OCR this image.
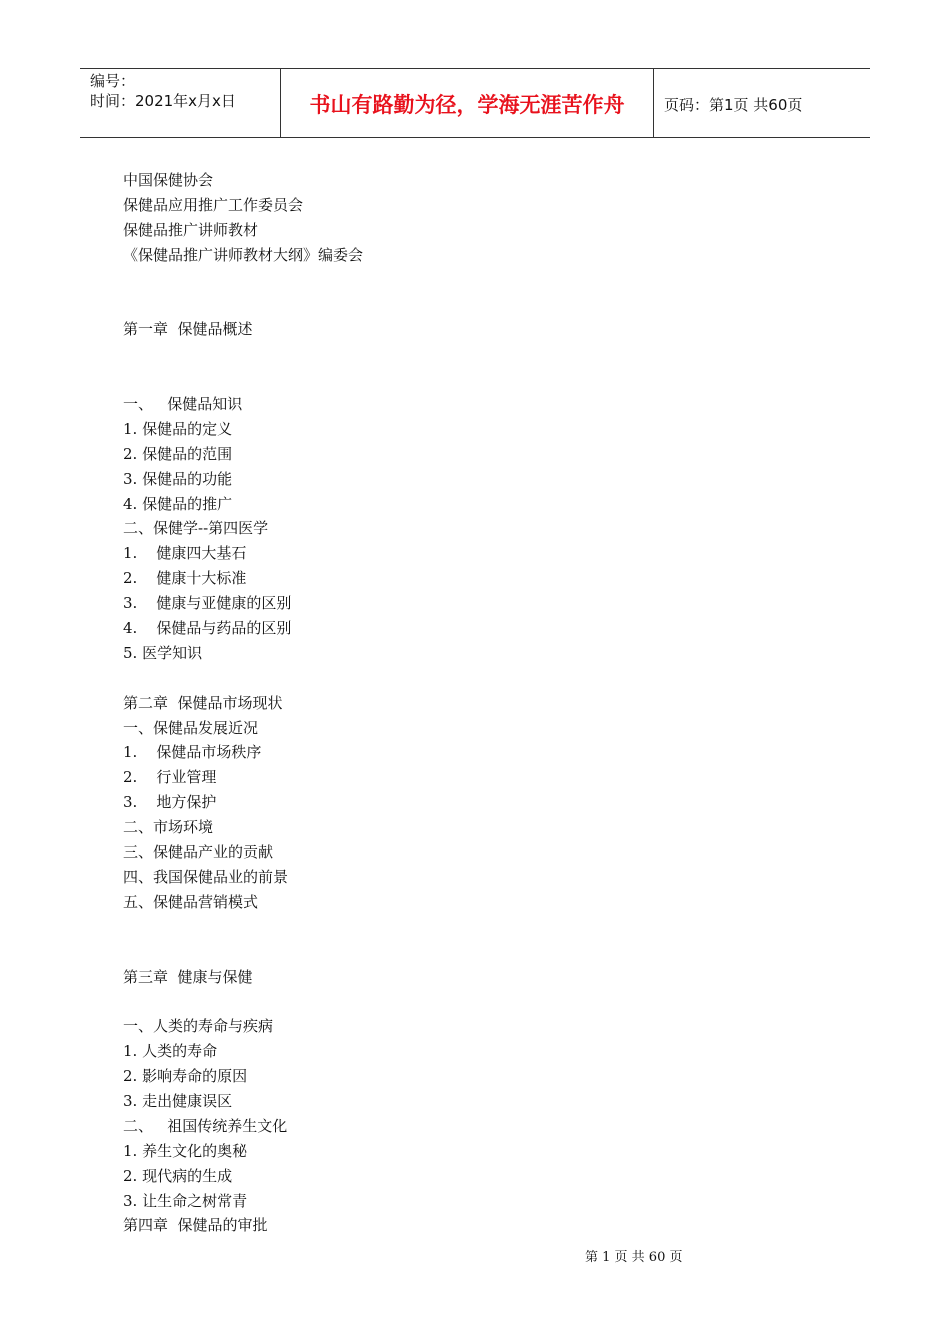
编号：
时间：2021年x月x日	书山有路勤为径，学海无涯苦作舟	页码：第1页 共60页
中国保健协会
保健品应用推广工作委员会
保健品推广讲师教材
《保健品推广讲师教材大纲》编委会
第一章  保健品概述
一、   保健品知识
1. 保健品的定义
2. 保健品的范围
3. 保健品的功能
4. 保健品的推广
二、保健学--第四医学
1.    健康四大基石
2.    健康十大标准
3.    健康与亚健康的区别
4.    保健品与药品的区别
5. 医学知识
第二章  保健品市场现状
一、保健品发展近况
1.    保健品市场秩序
2.    行业管理
3.    地方保护
二、市场环境
三、保健品产业的贡献
四、我国保健品业的前景
五、保健品营销模式
第三章  健康与保健
一、人类的寿命与疾病
1. 人类的寿命
2. 影响寿命的原因
3. 走出健康误区
二、   祖国传统养生文化
1. 养生文化的奥秘
2. 现代病的生成
3. 让生命之树常青
第四章  保健品的审批
第 1 页 共 60 页
